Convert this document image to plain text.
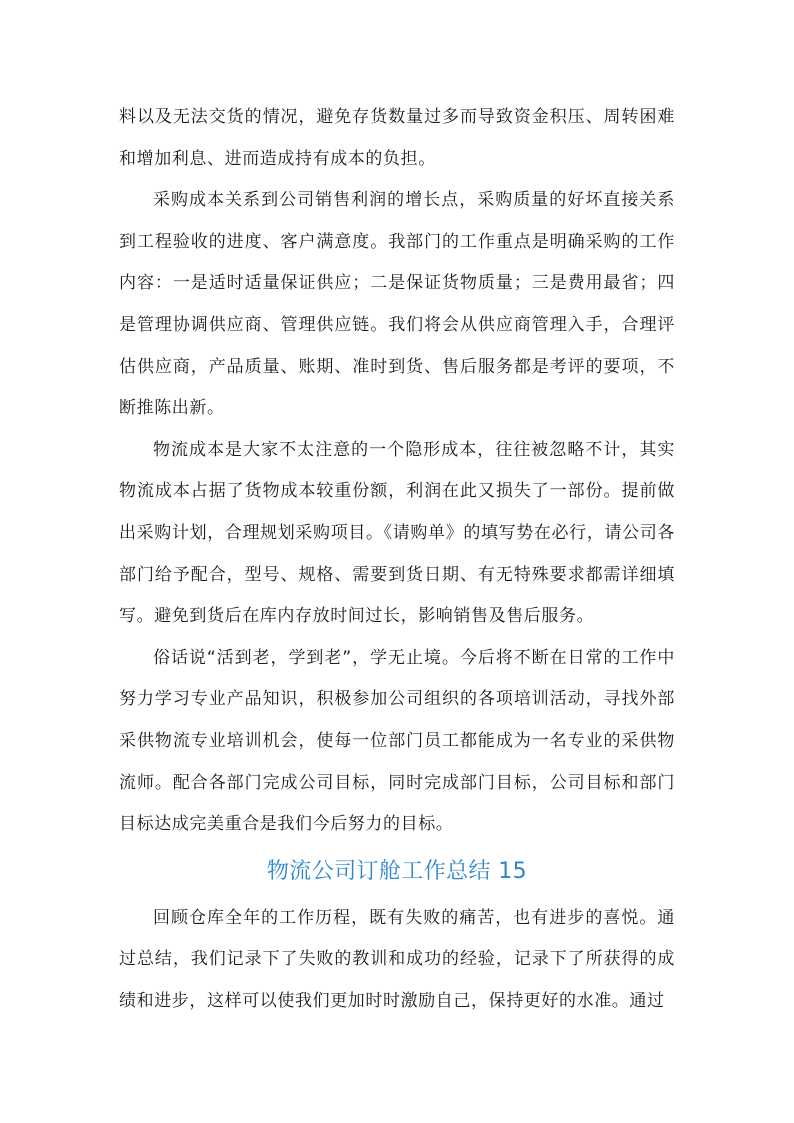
料以及无法交货的情况，避免存货数量过多而导致资金积压、周转困难和增加利息、进而造成持有成本的负担。

采购成本关系到公司销售利润的增长点，采购质量的好坏直接关系到工程验收的进度、客户满意度。我部门的工作重点是明确采购的工作内容：一是适时适量保证供应；二是保证货物质量；三是费用最省；四是管理协调供应商、管理供应链。我们将会从供应商管理入手，合理评估供应商，产品质量、账期、准时到货、售后服务都是考评的要项，不断推陈出新。

物流成本是大家不太注意的一个隐形成本，往往被忽略不计，其实物流成本占据了货物成本较重份额，利润在此又损失了一部份。提前做出采购计划，合理规划采购项目。《请购单》的填写势在必行，请公司各部门给予配合，型号、规格、需要到货日期、有无特殊要求都需详细填写。避免到货后在库内存放时间过长，影响销售及售后服务。

俗话说“活到老，学到老”，学无止境。今后将不断在日常的工作中努力学习专业产品知识，积极参加公司组织的各项培训活动，寻找外部采供物流专业培训机会，使每一位部门员工都能成为一名专业的采供物流师。配合各部门完成公司目标，同时完成部门目标，公司目标和部门目标达成完美重合是我们今后努力的目标。

物流公司订舱工作总结 15

回顾仓库全年的工作历程，既有失败的痛苦，也有进步的喜悦。通过总结，我们记录下了失败的教训和成功的经验，记录下了所获得的成绩和进步，这样可以使我们更加时时激励自己，保持更好的水准。通过
